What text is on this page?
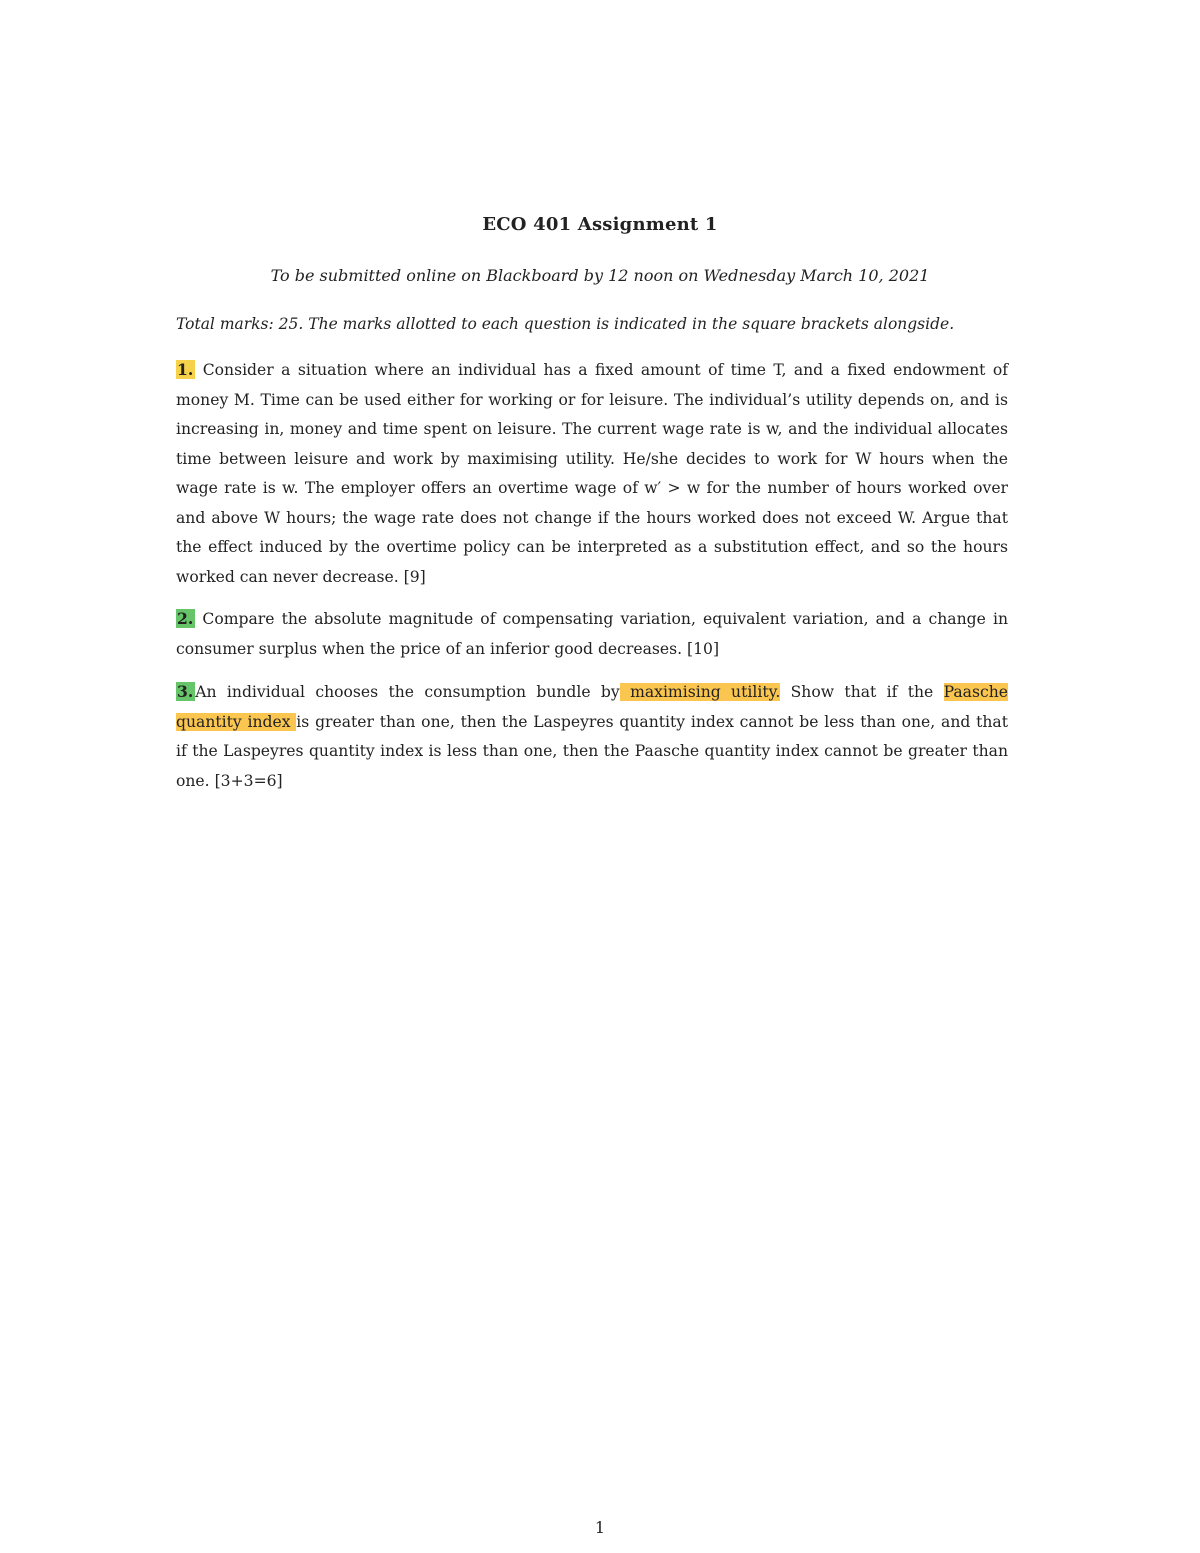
ECO 401 Assignment 1
To be submitted online on Blackboard by 12 noon on Wednesday March 10, 2021
Total marks: 25. The marks allotted to each question is indicated in the square brackets alongside.
1. Consider a situation where an individual has a fixed amount of time T, and a fixed endowment of money M. Time can be used either for working or for leisure. The individual’s utility depends on, and is increasing in, money and time spent on leisure. The current wage rate is w, and the individual allocates time between leisure and work by maximising utility. He/she decides to work for W hours when the wage rate is w. The employer offers an overtime wage of w′ > w for the number of hours worked over and above W hours; the wage rate does not change if the hours worked does not exceed W. Argue that the effect induced by the overtime policy can be interpreted as a substitution effect, and so the hours worked can never decrease. [9]
2. Compare the absolute magnitude of compensating variation, equivalent variation, and a change in consumer surplus when the price of an inferior good decreases. [10]
3. An individual chooses the consumption bundle by maximising utility. Show that if the Paasche quantity index is greater than one, then the Laspeyres quantity index cannot be less than one, and that if the Laspeyres quantity index is less than one, then the Paasche quantity index cannot be greater than one. [3+3=6]
1
